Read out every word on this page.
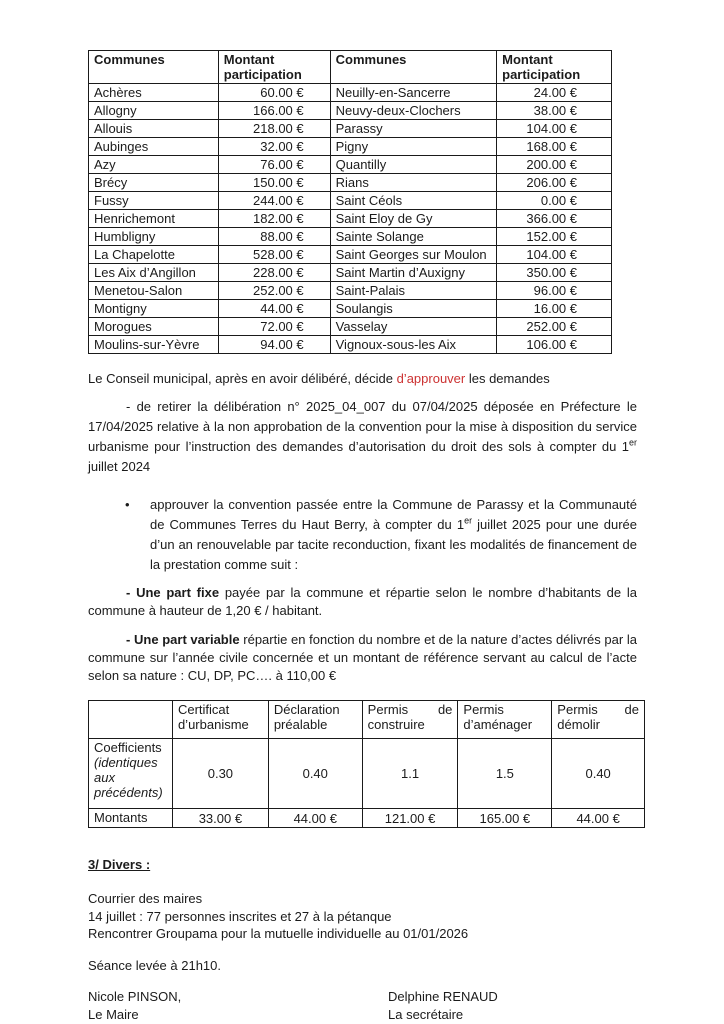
Communes	Montant participation	Communes	Montant participation
Achères	60.00 €	Neuilly-en-Sancerre	24.00 €
Allogny	166.00 €	Neuvy-deux-Clochers	38.00 €
Allouis	218.00 €	Parassy	104.00 €
Aubinges	32.00 €	Pigny	168.00 €
Azy	76.00 €	Quantilly	200.00 €
Brécy	150.00 €	Rians	206.00 €
Fussy	244.00 €	Saint Céols	0.00 €
Henrichemont	182.00 €	Saint Eloy de Gy	366.00 €
Humbligny	88.00 €	Sainte Solange	152.00 €
La Chapelotte	528.00 €	Saint Georges sur Moulon	104.00 €
Les Aix d’Angillon	228.00 €	Saint Martin d’Auxigny	350.00 €
Menetou-Salon	252.00 €	Saint-Palais	96.00 €
Montigny	44.00 €	Soulangis	16.00 €
Morogues	72.00 €	Vasselay	252.00 €
Moulins-sur-Yèvre	94.00 €	Vignoux-sous-les Aix	106.00 €

Le Conseil municipal, après en avoir délibéré, décide d’approuver les demandes

- de retirer la délibération n° 2025_04_007 du 07/04/2025 déposée en Préfecture le 17/04/2025 relative à la non approbation de la convention pour la mise à disposition du service urbanisme pour l’instruction des demandes d’autorisation du droit des sols à compter du 1er juillet 2024

•	approuver la convention passée entre la Commune de Parassy et la Communauté de Communes Terres du Haut Berry, à compter du 1er juillet 2025 pour une durée d’un an renouvelable par tacite reconduction, fixant les modalités de financement de la prestation comme suit :

- Une part fixe payée par la commune et répartie selon le nombre d’habitants de la commune à hauteur de 1,20 € / habitant.

- Une part variable répartie en fonction du nombre et de la nature d’actes délivrés par la commune sur l’année civile concernée et un montant de référence servant au calcul de l’acte selon sa nature : CU, DP, PC…. à 110,00 €

	Certificat d’urbanisme	Déclaration préalable	Permis de construire	Permis d’aménager	Permis de démolir
Coefficients (identiques aux précédents)	0.30	0.40	1.1	1.5	0.40
Montants	33.00 €	44.00 €	121.00 €	165.00 €	44.00 €

3/ Divers :

Courrier des maires
14 juillet : 77 personnes inscrites et 27 à la pétanque
Rencontrer Groupama pour la mutuelle individuelle au 01/01/2026

Séance levée à 21h10.

Nicole PINSON,
Le Maire
Delphine RENAUD
La secrétaire
